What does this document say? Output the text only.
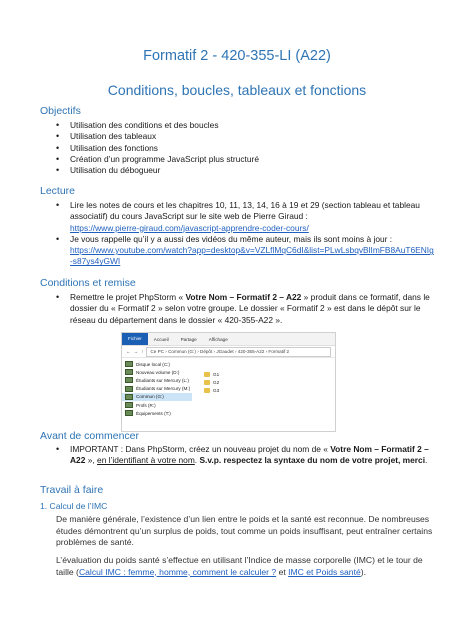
Formatif 2 - 420-355-LI (A22)
Conditions, boucles, tableaux et fonctions
Objectifs
• Utilisation des conditions et des boucles
• Utilisation des tableaux
• Utilisation des fonctions
• Création d’un programme JavaScript plus structuré
• Utilisation du débogueur
Lecture
• Lire les notes de cours et les chapitres 10, 11, 13, 14, 16 à 19 et 29 (section tableau et tableau associatif) du cours JavaScript sur le site web de Pierre Giraud :
https://www.pierre-giraud.com/javascript-apprendre-coder-cours/
• Je vous rappelle qu’il y a aussi des vidéos du même auteur, mais ils sont moins à jour :
https://www.youtube.com/watch?app=desktop&v=VZLflMqC6dI&list=PLwLsbqvBlImFB8AuT6ENIg-s87ys4yGWI
Conditions et remise
• Remettre le projet PhpStorm « Votre Nom – Formatif 2 – A22 » produit dans ce formatif, dans le dossier du « Formatif 2 » selon votre groupe. Le dossier « Formatif 2 » est dans le dépôt sur le réseau du département dans le dossier « 420-355-A22 ».
Fichier	Accueil	Partage	Affichage
← → ↑	Ce PC › Commun (G:) › Dépôt › JGaudet › 420-355-A22 › Formatif 2
Disque local (C:)
Nouveau volume (D:)
Étudiants sur Mercury (L:)
Étudiants sur Mercury (M:)
Commun (G:)
Profs (R:)
Équipements (T:)
G1
G2
G3
Avant de commencer
• IMPORTANT : Dans PhpStorm, créez un nouveau projet du nom de « Votre Nom – Formatif 2 – A22 », en l’identifiant à votre nom. S.v.p. respectez la syntaxe du nom de votre projet, merci.
Travail à faire
1. Calcul de l’IMC

De manière générale, l’existence d’un lien entre le poids et la santé est reconnue. De nombreuses études démontrent qu’un surplus de poids, tout comme un poids insuffisant, peut entraîner certains problèmes de santé.

L’évaluation du poids santé s’effectue en utilisant l’Indice de masse corporelle (IMC) et le tour de taille (Calcul IMC : femme, homme, comment le calculer ? et IMC et Poids santé).
